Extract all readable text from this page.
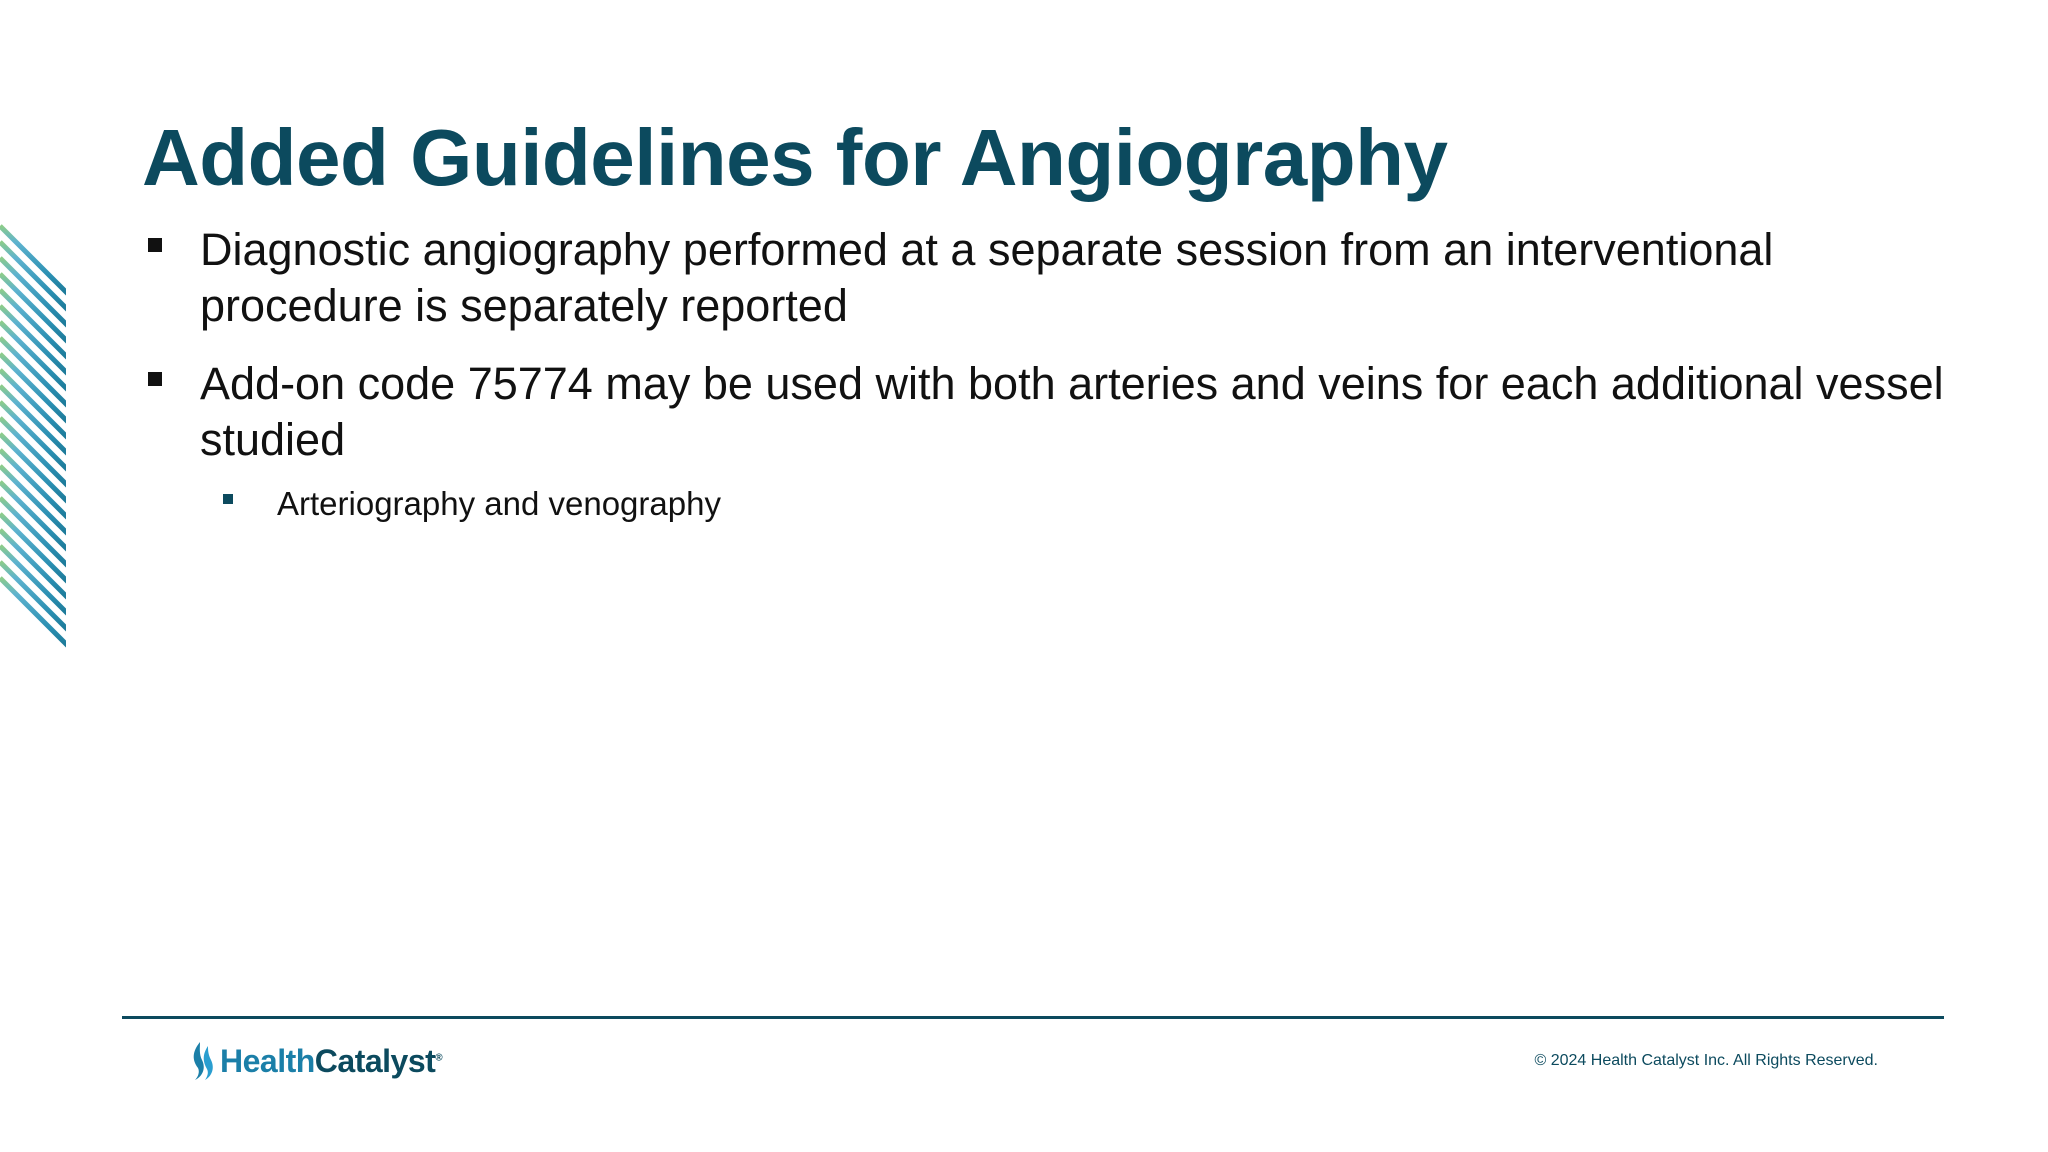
Added Guidelines for Angiography
Diagnostic angiography performed at a separate session from an interventional procedure is separately reported
Add-on code 75774 may be used with both arteries and veins for each additional vessel studied
Arteriography and venography
HealthCatalyst®	© 2024 Health Catalyst Inc. All Rights Reserved.
